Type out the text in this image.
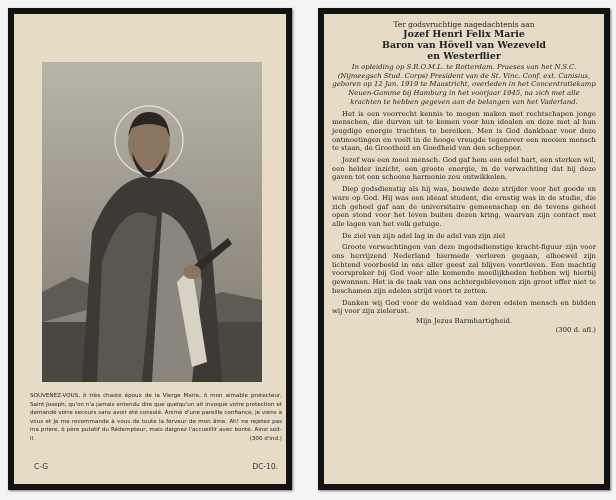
SOUVENEZ-VOUS, ô très chaste époux de la Vierge Marie, ô mon aimable protecteur, Saint Joseph, qu'on n'a jamais entendu dire que quelqu'un ait invoqué votre protection et demandé votre secours sans avoir été consolé. Animé d'une pareille confiance, je viens à vous et je me recommande à vous de toute la ferveur de mon âme. Ah! ne rejetez pas ma prière, ô père putatif du Rédempteur, mais daignez l'accueillir avec bonté. Ainsi soit-il.	(300 d'ind.)
C-G	DC-10.

Ter godsvruchtige nagedachtenis aan

Jozef Henri Felix Marie

Baron van Hövell van Wezeveld

en Westerflier

In opleiding op S.R.O.M.L. te Rotterdam. Praeses van het N.S.C. (Nijmeegsch Stud. Corps) President van de St. Vinc. Conf. ext. Canisius, geboren op 12 Jan. 1919 te Maastricht, overleden in het Concentratiekamp Neuen-Gamme bij Hamburg in het voorjaar 1945, na zich met alle krachten te hebben gegeven aan de belangen van het Vaderland.

Het is een voorrecht kennis te mogen maken met rechtschapen jonge menschen, die durven uit te komen voor hun idealen en deze met al hun jeugdige energie trachten te bereiken. Men is God dankbaar voor deze ontmoetingen en voelt in de hooge vreugde tegenover een mooien mensch te staan, de Grootheid en Goedheid van den schepper.

Jozef was een mooi mensch. God gaf hem een edel hart, een sterken wil, een helder inzicht, een groote energie, in de verwachting dat hij deze gaven tot een schoone harmonie zou ontwikkelen.

Diep godsdienstig als hij was, bouwde deze strijder voor het goede en ware op God. Hij was een ideaal student, die ernstig was in de studie, die zich geheel gaf aan de universitaire gemeenschap en de tevens geheel open stond voor het leven buiten dezen kring, waarvan zijn contact met alle lagen van het volk getuige.

De ziel van zijn adel lag in de adel van zijn ziel

Groote verwachtingen van deze ingodsdienstige kracht-figuur zijn voor ons herrijzend Nederland hiermede verloren gegaan, alhoewel zijn lichtend voorbeeld in ons aller geest zal blijven voortleven. Een machtig voorspreker bij God voor alle komende moeilijkheden hebben wij hierbij gewonnen. Het is de taak van ons achtergeblevenen zijn groot offer niet te beschamen zijn edelen strijd voort te zetten.

Danken wij God voor de weldaad van deren edelen mensch en bidden wij voor zijn zielerust.

Mijn Jezus Barmhartigheid.

(300 d. afl.)
